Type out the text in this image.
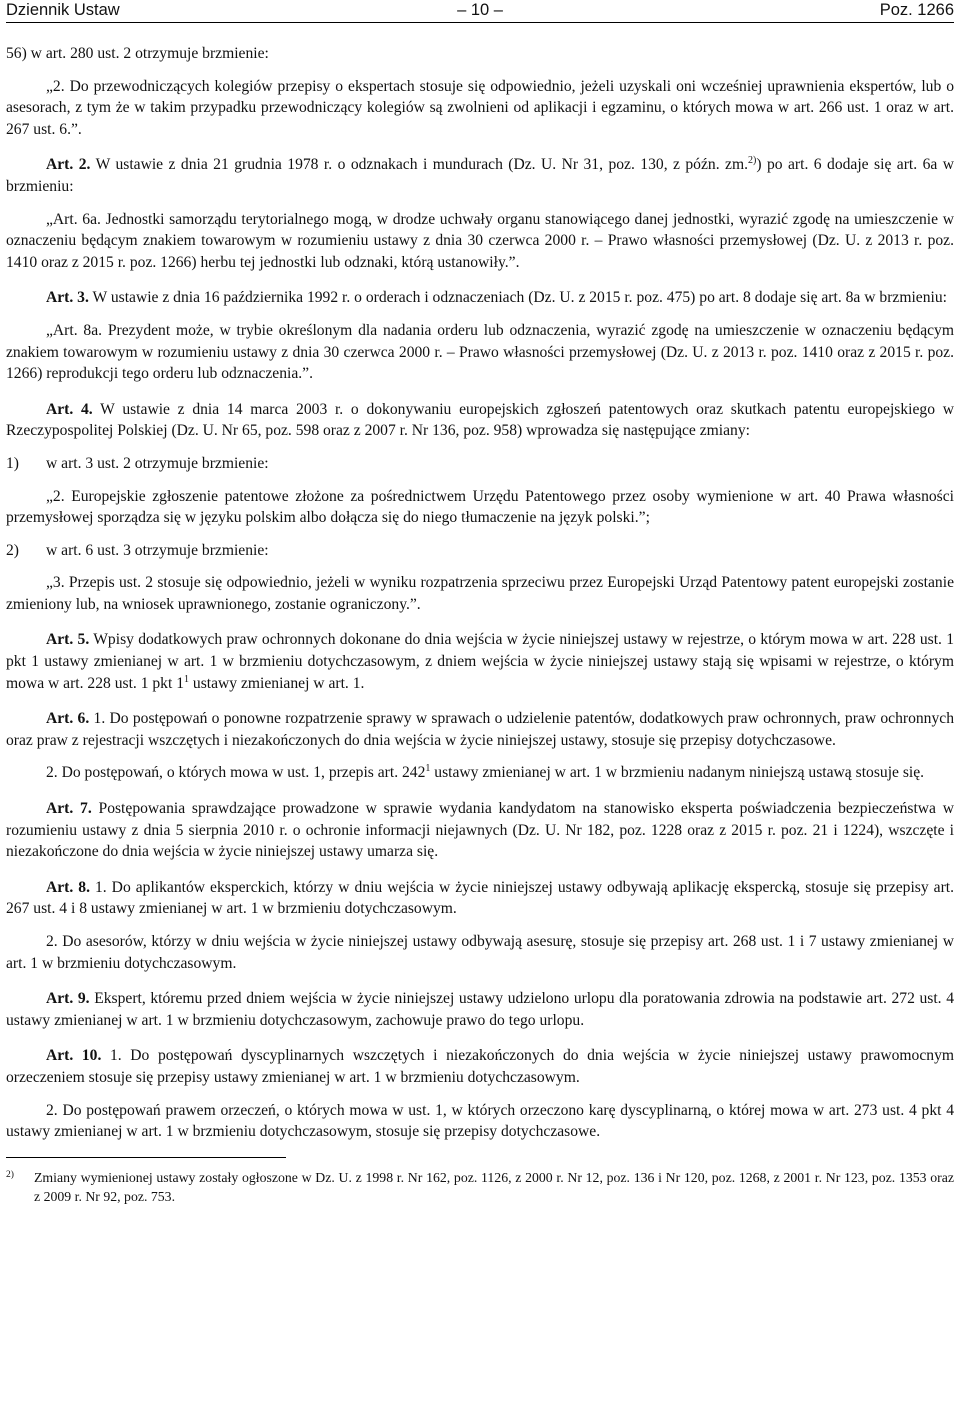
Dziennik Ustaw	– 10 –	Poz. 1266

56) w art. 280 ust. 2 otrzymuje brzmienie:

„2. Do przewodniczących kolegiów przepisy o ekspertach stosuje się odpowiednio, jeżeli uzyskali oni wcześniej uprawnienia ekspertów, lub o asesorach, z tym że w takim przypadku przewodniczący kolegiów są zwolnieni od aplikacji i egzaminu, o których mowa w art. 266 ust. 1 oraz w art. 267 ust. 6.”.

Art. 2. W ustawie z dnia 21 grudnia 1978 r. o odznakach i mundurach (Dz. U. Nr 31, poz. 130, z późn. zm.$^{2)}$) po art. 6 dodaje się art. 6a w brzmieniu:

„Art. 6a. Jednostki samorządu terytorialnego mogą, w drodze uchwały organu stanowiącego danej jednostki, wyrazić zgodę na umieszczenie w oznaczeniu będącym znakiem towarowym w rozumieniu ustawy z dnia 30 czerwca 2000 r. – Prawo własności przemysłowej (Dz. U. z 2013 r. poz. 1410 oraz z 2015 r. poz. 1266) herbu tej jednostki lub odznaki, którą ustanowiły.”.

Art. 3. W ustawie z dnia 16 października 1992 r. o orderach i odznaczeniach (Dz. U. z 2015 r. poz. 475) po art. 8 dodaje się art. 8a w brzmieniu:

„Art. 8a. Prezydent może, w trybie określonym dla nadania orderu lub odznaczenia, wyrazić zgodę na umieszczenie w oznaczeniu będącym znakiem towarowym w rozumieniu ustawy z dnia 30 czerwca 2000 r. – Prawo własności przemysłowej (Dz. U. z 2013 r. poz. 1410 oraz z 2015 r. poz. 1266) reprodukcji tego orderu lub odznaczenia.”.

Art. 4. W ustawie z dnia 14 marca 2003 r. o dokonywaniu europejskich zgłoszeń patentowych oraz skutkach patentu europejskiego w Rzeczypospolitej Polskiej (Dz. U. Nr 65, poz. 598 oraz z 2007 r. Nr 136, poz. 958) wprowadza się następujące zmiany:

1)	w art. 3 ust. 2 otrzymuje brzmienie:

„2. Europejskie zgłoszenie patentowe złożone za pośrednictwem Urzędu Patentowego przez osoby wymienione w art. 40 Prawa własności przemysłowej sporządza się w języku polskim albo dołącza się do niego tłumaczenie na język polski.”;

2)	w art. 6 ust. 3 otrzymuje brzmienie:

„3. Przepis ust. 2 stosuje się odpowiednio, jeżeli w wyniku rozpatrzenia sprzeciwu przez Europejski Urząd Patentowy patent europejski zostanie zmieniony lub, na wniosek uprawnionego, zostanie ograniczony.”.

Art. 5. Wpisy dodatkowych praw ochronnych dokonane do dnia wejścia w życie niniejszej ustawy w rejestrze, o którym mowa w art. 228 ust. 1 pkt 1 ustawy zmienianej w art. 1 w brzmieniu dotychczasowym, z dniem wejścia w życie niniejszej ustawy stają się wpisami w rejestrze, o którym mowa w art. 228 ust. 1 pkt $1^1$ ustawy zmienianej w art. 1.

Art. 6. 1. Do postępowań o ponowne rozpatrzenie sprawy w sprawach o udzielenie patentów, dodatkowych praw ochronnych, praw ochronnych oraz praw z rejestracji wszczętych i niezakończonych do dnia wejścia w życie niniejszej ustawy, stosuje się przepisy dotychczasowe.

2. Do postępowań, o których mowa w ust. 1, przepis art. $242^1$ ustawy zmienianej w art. 1 w brzmieniu nadanym niniejszą ustawą stosuje się.

Art. 7. Postępowania sprawdzające prowadzone w sprawie wydania kandydatom na stanowisko eksperta poświadczenia bezpieczeństwa w rozumieniu ustawy z dnia 5 sierpnia 2010 r. o ochronie informacji niejawnych (Dz. U. Nr 182, poz. 1228 oraz z 2015 r. poz. 21 i 1224), wszczęte i niezakończone do dnia wejścia w życie niniejszej ustawy umarza się.

Art. 8. 1. Do aplikantów eksperckich, którzy w dniu wejścia w życie niniejszej ustawy odbywają aplikację ekspercką, stosuje się przepisy art. 267 ust. 4 i 8 ustawy zmienianej w art. 1 w brzmieniu dotychczasowym.

2. Do asesorów, którzy w dniu wejścia w życie niniejszej ustawy odbywają asesurę, stosuje się przepisy art. 268 ust. 1 i 7 ustawy zmienianej w art. 1 w brzmieniu dotychczasowym.

Art. 9. Ekspert, któremu przed dniem wejścia w życie niniejszej ustawy udzielono urlopu dla poratowania zdrowia na podstawie art. 272 ust. 4 ustawy zmienianej w art. 1 w brzmieniu dotychczasowym, zachowuje prawo do tego urlopu.

Art. 10. 1. Do postępowań dyscyplinarnych wszczętych i niezakończonych do dnia wejścia w życie niniejszej ustawy prawomocnym orzeczeniem stosuje się przepisy ustawy zmienianej w art. 1 w brzmieniu dotychczasowym.

2. Do postępowań prawem orzeczeń, o których mowa w ust. 1, w których orzeczono karę dyscyplinarną, o której mowa w art. 273 ust. 4 pkt 4 ustawy zmienianej w art. 1 w brzmieniu dotychczasowym, stosuje się przepisy dotychczasowe.

$^{2)}$	Zmiany wymienionej ustawy zostały ogłoszone w Dz. U. z 1998 r. Nr 162, poz. 1126, z 2000 r. Nr 12, poz. 136 i Nr 120, poz. 1268, z 2001 r. Nr 123, poz. 1353 oraz z 2009 r. Nr 92, poz. 753.
